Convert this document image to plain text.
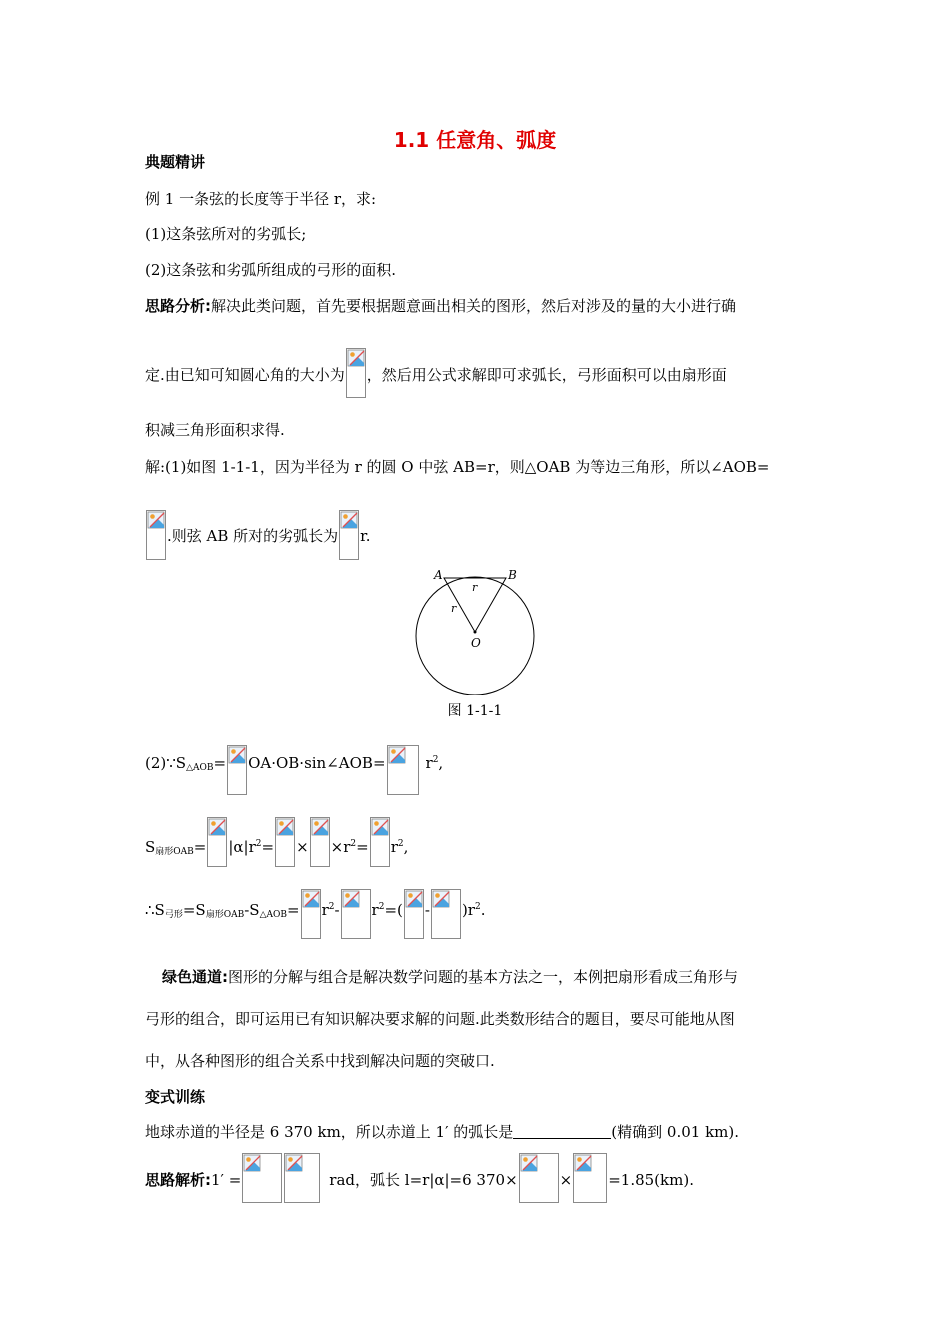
1.1 任意角、弧度
典题精讲
例 1 一条弦的长度等于半径 r，求:
(1)这条弦所对的劣弧长;
(2)这条弦和劣弧所组成的弓形的面积.
思路分析:解决此类问题，首先要根据题意画出相关的图形，然后对涉及的量的大小进行确
定.由已知可知圆心角的大小为 ，然后用公式求解即可求弧长，弓形面积可以由扇形面
积减三角形面积求得.
解:(1)如图 1-1-1，因为半径为 r 的圆 O 中弦 AB=r，则△OAB 为等边三角形，所以∠AOB=
.则弦 AB 所对的劣弧长为 r.
A	B
O
r
r
图 1-1-1
$(2)\because S_{\triangle AOB}=$ OA·OB·sin∠AOB=	$r^2$,
$S_{扇形OAB}= |\alpha|r_2= \times \times r_2= r_2$,
$\therefore S_{弓形}=S_{扇形OAB}-S_{\triangle AOB}= r^2-$ $r^2=( - )r^2$.
绿色通道:图形的分解与组合是解决数学问题的基本方法之一，本例把扇形看成三角形与
弓形的组合，即可运用已有知识解决要求解的问题.此类数形结合的题目，要尽可能地从图
中，从各种图形的组合关系中找到解决问题的突破口.
变式训练
地球赤道的半径是 6 370 km，所以赤道上 1′ 的弧长是	(精确到 0.01 km).
思路解析:1′ =	rad，弧长 l=r|α|=6 370×	× =1.85(km).
